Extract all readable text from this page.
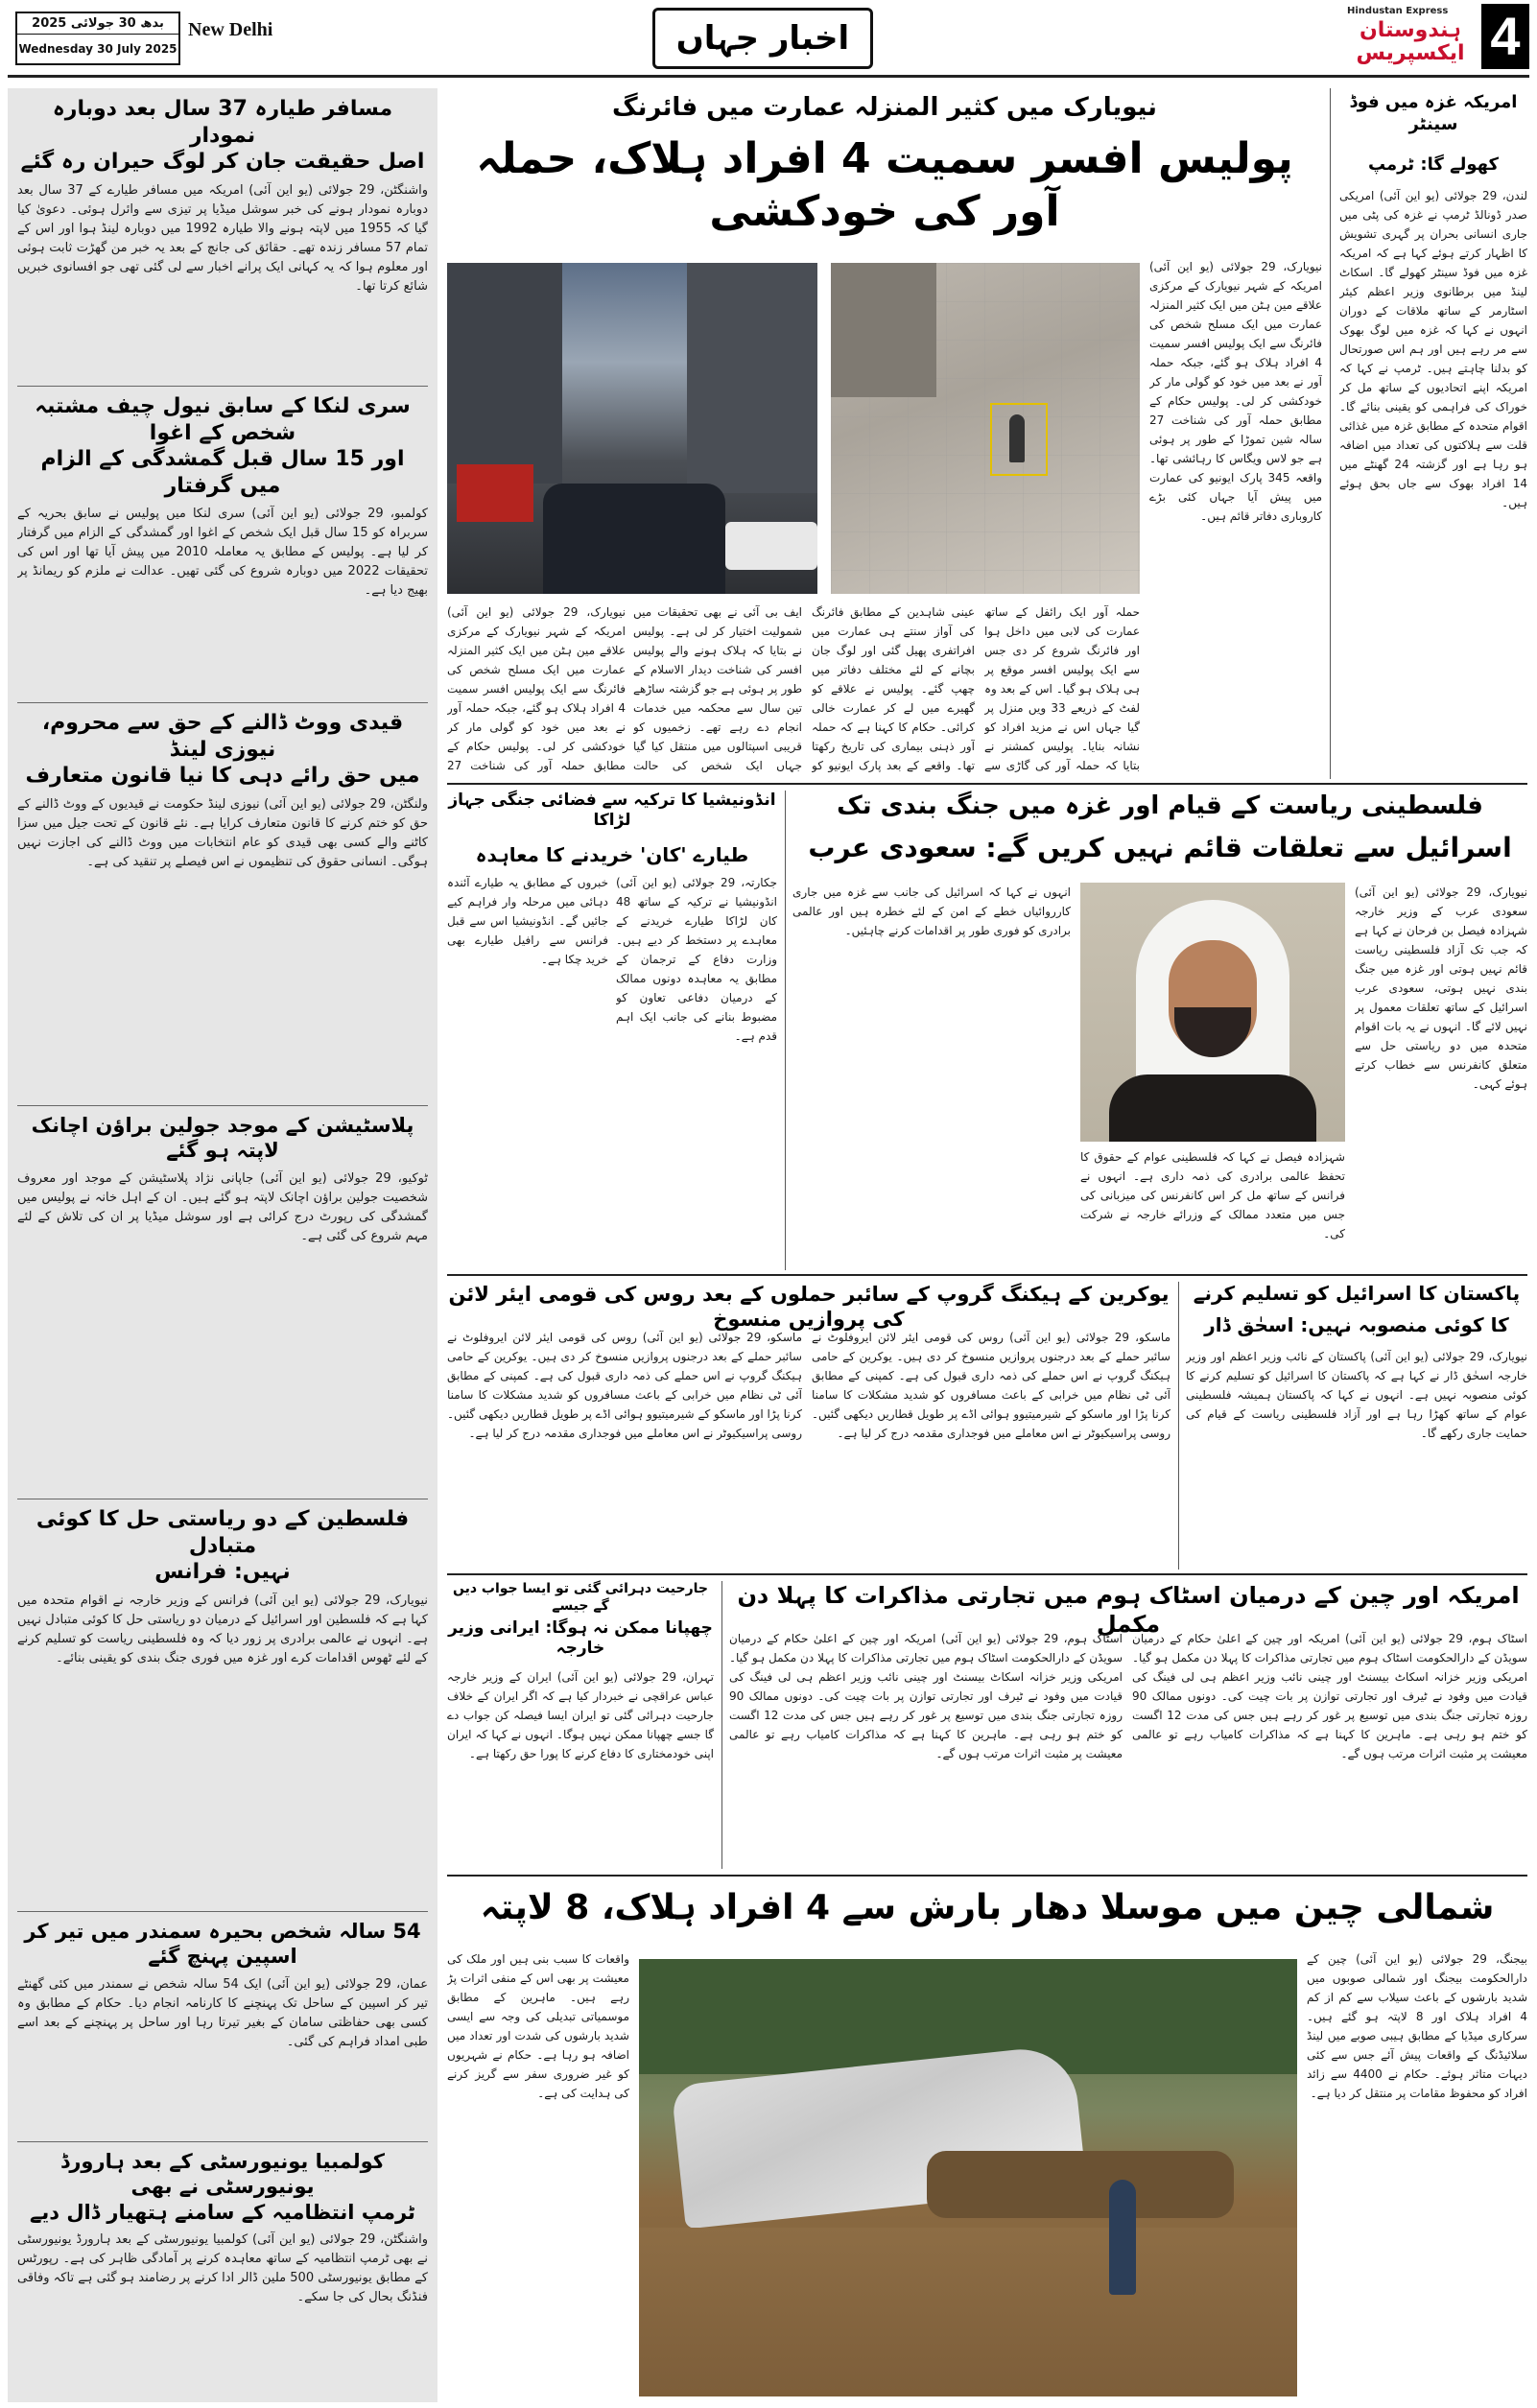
بدھ 30 جولائی 2025
Wednesday 30 July 2025
New Delhi	اخبار جہاں
Hindustan Express
ہندوستان ایکسپریس 4
مسافر طیارہ 37 سال بعد دوبارہ نمودار
اصل حقیقت جان کر لوگ حیران رہ گئے
واشنگٹن، 29 جولائی (یو این آئی) امریکہ میں مسافر طیارے کے 37 سال بعد دوبارہ نمودار ہونے کی خبر سوشل میڈیا پر تیزی سے وائرل ہوئی۔ دعویٰ کیا گیا کہ 1955 میں لاپتہ ہونے والا طیارہ 1992 میں دوبارہ لینڈ ہوا اور اس کے تمام 57 مسافر زندہ تھے۔ حقائق کی جانچ کے بعد یہ خبر من گھڑت ثابت ہوئی اور معلوم ہوا کہ یہ کہانی ایک پرانے اخبار سے لی گئی تھی جو افسانوی خبریں شائع کرتا تھا۔
سری لنکا کے سابق نیول چیف مشتبہ شخص کے اغوا
اور 15 سال قبل گمشدگی کے الزام میں گرفتار
کولمبو، 29 جولائی (یو این آئی) سری لنکا میں پولیس نے سابق بحریہ کے سربراہ کو 15 سال قبل ایک شخص کے اغوا اور گمشدگی کے الزام میں گرفتار کر لیا ہے۔ پولیس کے مطابق یہ معاملہ 2010 میں پیش آیا تھا اور اس کی تحقیقات 2022 میں دوبارہ شروع کی گئی تھیں۔ عدالت نے ملزم کو ریمانڈ پر بھیج دیا ہے۔
قیدی ووٹ ڈالنے کے حق سے محروم، نیوزی لینڈ
میں حق رائے دہی کا نیا قانون متعارف
ولنگٹن، 29 جولائی (یو این آئی) نیوزی لینڈ حکومت نے قیدیوں کے ووٹ ڈالنے کے حق کو ختم کرنے کا قانون متعارف کرایا ہے۔ نئے قانون کے تحت جیل میں سزا کاٹنے والے کسی بھی قیدی کو عام انتخابات میں ووٹ ڈالنے کی اجازت نہیں ہوگی۔ انسانی حقوق کی تنظیموں نے اس فیصلے پر تنقید کی ہے۔
پلاسٹیشن کے موجد جولین براؤن اچانک لاپتہ ہو گئے
ٹوکیو، 29 جولائی (یو این آئی) جاپانی نژاد پلاسٹیشن کے موجد اور معروف شخصیت جولین براؤن اچانک لاپتہ ہو گئے ہیں۔ ان کے اہل خانہ نے پولیس میں گمشدگی کی رپورٹ درج کرائی ہے اور سوشل میڈیا پر ان کی تلاش کے لئے مہم شروع کی گئی ہے۔
فلسطین کے دو ریاستی حل کا کوئی متبادل
نہیں: فرانس
نیویارک، 29 جولائی (یو این آئی) فرانس کے وزیر خارجہ نے اقوام متحدہ میں کہا ہے کہ فلسطین اور اسرائیل کے درمیان دو ریاستی حل کا کوئی متبادل نہیں ہے۔ انہوں نے عالمی برادری پر زور دیا کہ وہ فلسطینی ریاست کو تسلیم کرنے کے لئے ٹھوس اقدامات کرے اور غزہ میں فوری جنگ بندی کو یقینی بنائے۔
54 سالہ شخص بحیرہ سمندر میں تیر کر اسپین پہنچ گئے
عمان، 29 جولائی (یو این آئی) ایک 54 سالہ شخص نے سمندر میں کئی گھنٹے تیر کر اسپین کے ساحل تک پہنچنے کا کارنامہ انجام دیا۔ حکام کے مطابق وہ کسی بھی حفاظتی سامان کے بغیر تیرتا رہا اور ساحل پر پہنچنے کے بعد اسے طبی امداد فراہم کی گئی۔
کولمبیا یونیورسٹی کے بعد ہارورڈ یونیورسٹی نے بھی
ٹرمپ انتظامیہ کے سامنے ہتھیار ڈال دیے
واشنگٹن، 29 جولائی (یو این آئی) کولمبیا یونیورسٹی کے بعد ہارورڈ یونیورسٹی نے بھی ٹرمپ انتظامیہ کے ساتھ معاہدہ کرنے پر آمادگی ظاہر کی ہے۔ رپورٹس کے مطابق یونیورسٹی 500 ملین ڈالر ادا کرنے پر رضامند ہو گئی ہے تاکہ وفاقی فنڈنگ بحال کی جا سکے۔
امریکہ غزہ میں فوڈ سینٹر
کھولے گا: ٹرمپ
لندن، 29 جولائی (یو این آئی) امریکی صدر ڈونالڈ ٹرمپ نے غزہ کی پٹی میں جاری انسانی بحران پر گہری تشویش کا اظہار کرتے ہوئے کہا ہے کہ امریکہ غزہ میں فوڈ سینٹر کھولے گا۔ اسکاٹ لینڈ میں برطانوی وزیر اعظم کیئر اسٹارمر کے ساتھ ملاقات کے دوران انہوں نے کہا کہ غزہ میں لوگ بھوک سے مر رہے ہیں اور ہم اس صورتحال کو بدلنا چاہتے ہیں۔ ٹرمپ نے کہا کہ امریکہ اپنے اتحادیوں کے ساتھ مل کر خوراک کی فراہمی کو یقینی بنائے گا۔ اقوام متحدہ کے مطابق غزہ میں غذائی قلت سے ہلاکتوں کی تعداد میں اضافہ ہو رہا ہے اور گزشتہ 24 گھنٹے میں 14 افراد بھوک سے جاں بحق ہوئے ہیں۔
نیویارک میں کثیر المنزلہ عمارت میں فائرنگ
پولیس افسر سمیت 4 افراد ہلاک، حملہ آور کی خودکشی
نیویارک، 29 جولائی (یو این آئی) امریکہ کے شہر نیویارک کے مرکزی علاقے مین ہٹن میں ایک کثیر المنزلہ عمارت میں ایک مسلح شخص کی فائرنگ سے ایک پولیس افسر سمیت 4 افراد ہلاک ہو گئے، جبکہ حملہ آور نے بعد میں خود کو گولی مار کر خودکشی کر لی۔ پولیس حکام کے مطابق حملہ آور کی شناخت 27 سالہ شین تموڑا کے طور پر ہوئی ہے جو لاس ویگاس کا رہائشی تھا۔ واقعہ 345 پارک ایونیو کی عمارت میں پیش آیا جہاں کئی بڑے کاروباری دفاتر قائم ہیں۔
حملہ آور ایک رائفل کے ساتھ عمارت کی لابی میں داخل ہوا اور فائرنگ شروع کر دی جس سے ایک پولیس افسر موقع پر ہی ہلاک ہو گیا۔ اس کے بعد وہ لفٹ کے ذریعے 33 ویں منزل پر گیا جہاں اس نے مزید افراد کو نشانہ بنایا۔ پولیس کمشنر نے بتایا کہ حملہ آور کی گاڑی سے
عینی شاہدین کے مطابق فائرنگ کی آواز سنتے ہی عمارت میں افراتفری پھیل گئی اور لوگ جان بچانے کے لئے مختلف دفاتر میں چھپ گئے۔ پولیس نے علاقے کو گھیرے میں لے کر عمارت خالی کرائی۔ حکام کا کہنا ہے کہ حملہ آور ذہنی بیماری کی تاریخ رکھتا تھا۔ واقعے کے بعد پارک ایونیو کو
ایف بی آئی نے بھی تحقیقات میں شمولیت اختیار کر لی ہے۔ پولیس نے بتایا کہ ہلاک ہونے والے پولیس افسر کی شناخت دیدار الاسلام کے طور پر ہوئی ہے جو گزشتہ ساڑھے تین سال سے محکمہ میں خدمات انجام دے رہے تھے۔ زخمیوں کو قریبی اسپتالوں میں منتقل کیا گیا جہاں ایک شخص کی حالت
نیویارک، 29 جولائی (یو این آئی) امریکہ کے شہر نیویارک کے مرکزی علاقے مین ہٹن میں ایک کثیر المنزلہ عمارت میں ایک مسلح شخص کی فائرنگ سے ایک پولیس افسر سمیت 4 افراد ہلاک ہو گئے، جبکہ حملہ آور نے بعد میں خود کو گولی مار کر خودکشی کر لی۔ پولیس حکام کے مطابق حملہ آور کی شناخت 27
فلسطینی ریاست کے قیام اور غزہ میں جنگ بندی تک
اسرائیل سے تعلقات قائم نہیں کریں گے: سعودی عرب
نیویارک، 29 جولائی (یو این آئی) سعودی عرب کے وزیر خارجہ شہزادہ فیصل بن فرحان نے کہا ہے کہ جب تک آزاد فلسطینی ریاست قائم نہیں ہوتی اور غزہ میں جنگ بندی نہیں ہوتی، سعودی عرب اسرائیل کے ساتھ تعلقات معمول پر نہیں لائے گا۔ انہوں نے یہ بات اقوام متحدہ میں دو ریاستی حل سے متعلق کانفرنس سے خطاب کرتے ہوئے کہی۔
شہزادہ فیصل نے کہا کہ فلسطینی عوام کے حقوق کا تحفظ عالمی برادری کی ذمہ داری ہے۔ انہوں نے فرانس کے ساتھ مل کر اس کانفرنس کی میزبانی کی جس میں متعدد ممالک کے وزرائے خارجہ نے شرکت کی۔
انہوں نے کہا کہ اسرائیل کی جانب سے غزہ میں جاری کارروائیاں خطے کے امن کے لئے خطرہ ہیں اور عالمی برادری کو فوری طور پر اقدامات کرنے چاہئیں۔
انڈونیشیا کا ترکیہ سے فضائی جنگی جہاز لڑاکا
طیارے 'کان' خریدنے کا معاہدہ
جکارتہ، 29 جولائی (یو این آئی) انڈونیشیا نے ترکیہ کے ساتھ 48 کان لڑاکا طیارے خریدنے کے معاہدے پر دستخط کر دیے ہیں۔ وزارت دفاع کے ترجمان کے مطابق یہ معاہدہ دونوں ممالک کے درمیان دفاعی تعاون کو مضبوط بنانے کی جانب ایک اہم قدم ہے۔
خبروں کے مطابق یہ طیارے آئندہ دہائی میں مرحلہ وار فراہم کیے جائیں گے۔ انڈونیشیا اس سے قبل فرانس سے رافیل طیارے بھی خرید چکا ہے۔
پاکستان کا اسرائیل کو تسلیم کرنے
کا کوئی منصوبہ نہیں: اسحٰق ڈار
نیویارک، 29 جولائی (یو این آئی) پاکستان کے نائب وزیر اعظم اور وزیر خارجہ اسحٰق ڈار نے کہا ہے کہ پاکستان کا اسرائیل کو تسلیم کرنے کا کوئی منصوبہ نہیں ہے۔ انہوں نے کہا کہ پاکستان ہمیشہ فلسطینی عوام کے ساتھ کھڑا رہا ہے اور آزاد فلسطینی ریاست کے قیام کی حمایت جاری رکھے گا۔
یوکرین کے ہیکنگ گروپ کے سائبر حملوں کے بعد روس کی قومی ایئر لائن کی پروازیں منسوخ
ماسکو، 29 جولائی (یو این آئی) روس کی قومی ایئر لائن ایروفلوٹ نے سائبر حملے کے بعد درجنوں پروازیں منسوخ کر دی ہیں۔ یوکرین کے حامی ہیکنگ گروپ نے اس حملے کی ذمہ داری قبول کی ہے۔ کمپنی کے مطابق آئی ٹی نظام میں خرابی کے باعث مسافروں کو شدید مشکلات کا سامنا کرنا پڑا اور ماسکو کے شیرمیتیوو ہوائی اڈے پر طویل قطاریں دیکھی گئیں۔ روسی پراسیکیوٹر نے اس معاملے میں فوجداری مقدمہ درج کر لیا ہے۔
ماسکو، 29 جولائی (یو این آئی) روس کی قومی ایئر لائن ایروفلوٹ نے سائبر حملے کے بعد درجنوں پروازیں منسوخ کر دی ہیں۔ یوکرین کے حامی ہیکنگ گروپ نے اس حملے کی ذمہ داری قبول کی ہے۔ کمپنی کے مطابق آئی ٹی نظام میں خرابی کے باعث مسافروں کو شدید مشکلات کا سامنا کرنا پڑا اور ماسکو کے شیرمیتیوو ہوائی اڈے پر طویل قطاریں دیکھی گئیں۔ روسی پراسیکیوٹر نے اس معاملے میں فوجداری مقدمہ درج کر لیا ہے۔
امریکہ اور چین کے درمیان اسٹاک ہوم میں تجارتی مذاکرات کا پہلا دن مکمل
اسٹاک ہوم، 29 جولائی (یو این آئی) امریکہ اور چین کے اعلیٰ حکام کے درمیان سویڈن کے دارالحکومت اسٹاک ہوم میں تجارتی مذاکرات کا پہلا دن مکمل ہو گیا۔ امریکی وزیر خزانہ اسکاٹ بیسنٹ اور چینی نائب وزیر اعظم ہی لی فینگ کی قیادت میں وفود نے ٹیرف اور تجارتی توازن پر بات چیت کی۔ دونوں ممالک 90 روزہ تجارتی جنگ بندی میں توسیع پر غور کر رہے ہیں جس کی مدت 12 اگست کو ختم ہو رہی ہے۔ ماہرین کا کہنا ہے کہ مذاکرات کامیاب رہے تو عالمی معیشت پر مثبت اثرات مرتب ہوں گے۔
اسٹاک ہوم، 29 جولائی (یو این آئی) امریکہ اور چین کے اعلیٰ حکام کے درمیان سویڈن کے دارالحکومت اسٹاک ہوم میں تجارتی مذاکرات کا پہلا دن مکمل ہو گیا۔ امریکی وزیر خزانہ اسکاٹ بیسنٹ اور چینی نائب وزیر اعظم ہی لی فینگ کی قیادت میں وفود نے ٹیرف اور تجارتی توازن پر بات چیت کی۔ دونوں ممالک 90 روزہ تجارتی جنگ بندی میں توسیع پر غور کر رہے ہیں جس کی مدت 12 اگست کو ختم ہو رہی ہے۔ ماہرین کا کہنا ہے کہ مذاکرات کامیاب رہے تو عالمی معیشت پر مثبت اثرات مرتب ہوں گے۔
جارحیت دہرائی گئی تو ایسا جواب دیں گے جیسے
چھپانا ممکن نہ ہوگا: ایرانی وزیر خارجہ
تہران، 29 جولائی (یو این آئی) ایران کے وزیر خارجہ عباس عراقچی نے خبردار کیا ہے کہ اگر ایران کے خلاف جارحیت دہرائی گئی تو ایران ایسا فیصلہ کن جواب دے گا جسے چھپانا ممکن نہیں ہوگا۔ انہوں نے کہا کہ ایران اپنی خودمختاری کا دفاع کرنے کا پورا حق رکھتا ہے۔
شمالی چین میں موسلا دھار بارش سے 4 افراد ہلاک، 8 لاپتہ
بیجنگ، 29 جولائی (یو این آئی) چین کے دارالحکومت بیجنگ اور شمالی صوبوں میں شدید بارشوں کے باعث سیلاب سے کم از کم 4 افراد ہلاک اور 8 لاپتہ ہو گئے ہیں۔ سرکاری میڈیا کے مطابق ہیبی صوبے میں لینڈ سلائیڈنگ کے واقعات پیش آئے جس سے کئی دیہات متاثر ہوئے۔ حکام نے 4400 سے زائد افراد کو محفوظ مقامات پر منتقل کر دیا ہے۔
واقعات کا سبب بنی ہیں اور ملک کی معیشت پر بھی اس کے منفی اثرات پڑ رہے ہیں۔ ماہرین کے مطابق موسمیاتی تبدیلی کی وجہ سے ایسی شدید بارشوں کی شدت اور تعداد میں اضافہ ہو رہا ہے۔ حکام نے شہریوں کو غیر ضروری سفر سے گریز کرنے کی ہدایت کی ہے۔
